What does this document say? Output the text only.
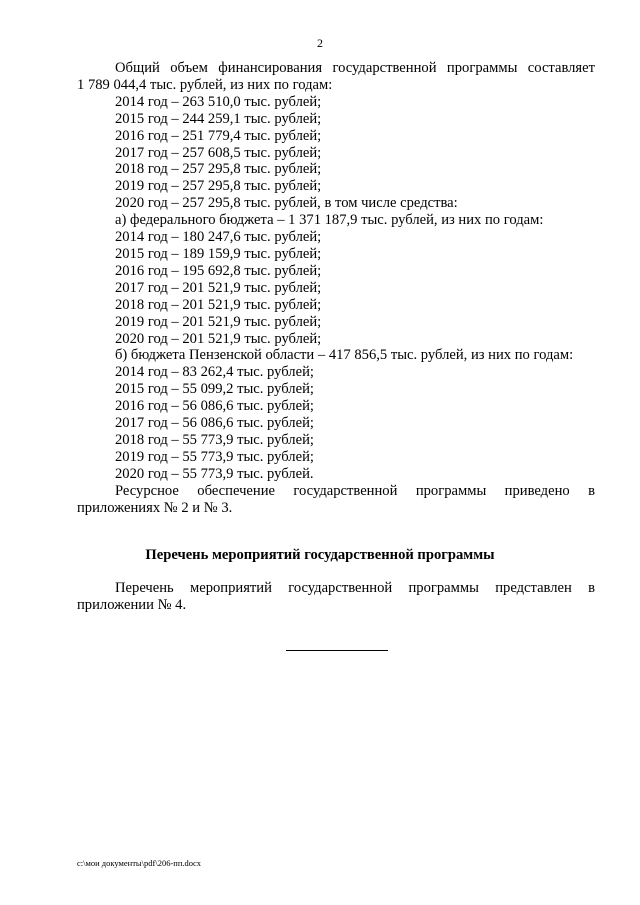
2

Общий объем финансирования государственной программы составляет

1 789 044,4 тыс. рублей, из них по годам:

2014 год – 263 510,0 тыс. рублей;

2015 год – 244 259,1 тыс. рублей;

2016 год – 251 779,4 тыс. рублей;

2017 год – 257 608,5 тыс. рублей;

2018 год – 257 295,8 тыс. рублей;

2019 год – 257 295,8 тыс. рублей;

2020 год – 257 295,8 тыс. рублей, в том числе средства:

а) федерального бюджета – 1 371 187,9 тыс. рублей, из них по годам:

2014 год – 180 247,6 тыс. рублей;

2015 год – 189 159,9 тыс. рублей;

2016 год – 195 692,8 тыс. рублей;

2017 год – 201 521,9 тыс. рублей;

2018 год – 201 521,9 тыс. рублей;

2019 год – 201 521,9 тыс. рублей;

2020 год – 201 521,9 тыс. рублей;

б) бюджета Пензенской области – 417 856,5 тыс. рублей, из них по годам:

2014 год – 83 262,4 тыс. рублей;

2015 год – 55 099,2 тыс. рублей;

2016 год – 56 086,6 тыс. рублей;

2017 год – 56 086,6 тыс. рублей;

2018 год – 55 773,9 тыс. рублей;

2019 год – 55 773,9 тыс. рублей;

2020 год – 55 773,9 тыс. рублей.

Ресурсное обеспечение государственной программы приведено в

приложениях № 2 и № 3.

Перечень мероприятий государственной программы

Перечень мероприятий государственной программы представлен в

приложении № 4.

c:\мои документы\pdf\206-пп.docx
